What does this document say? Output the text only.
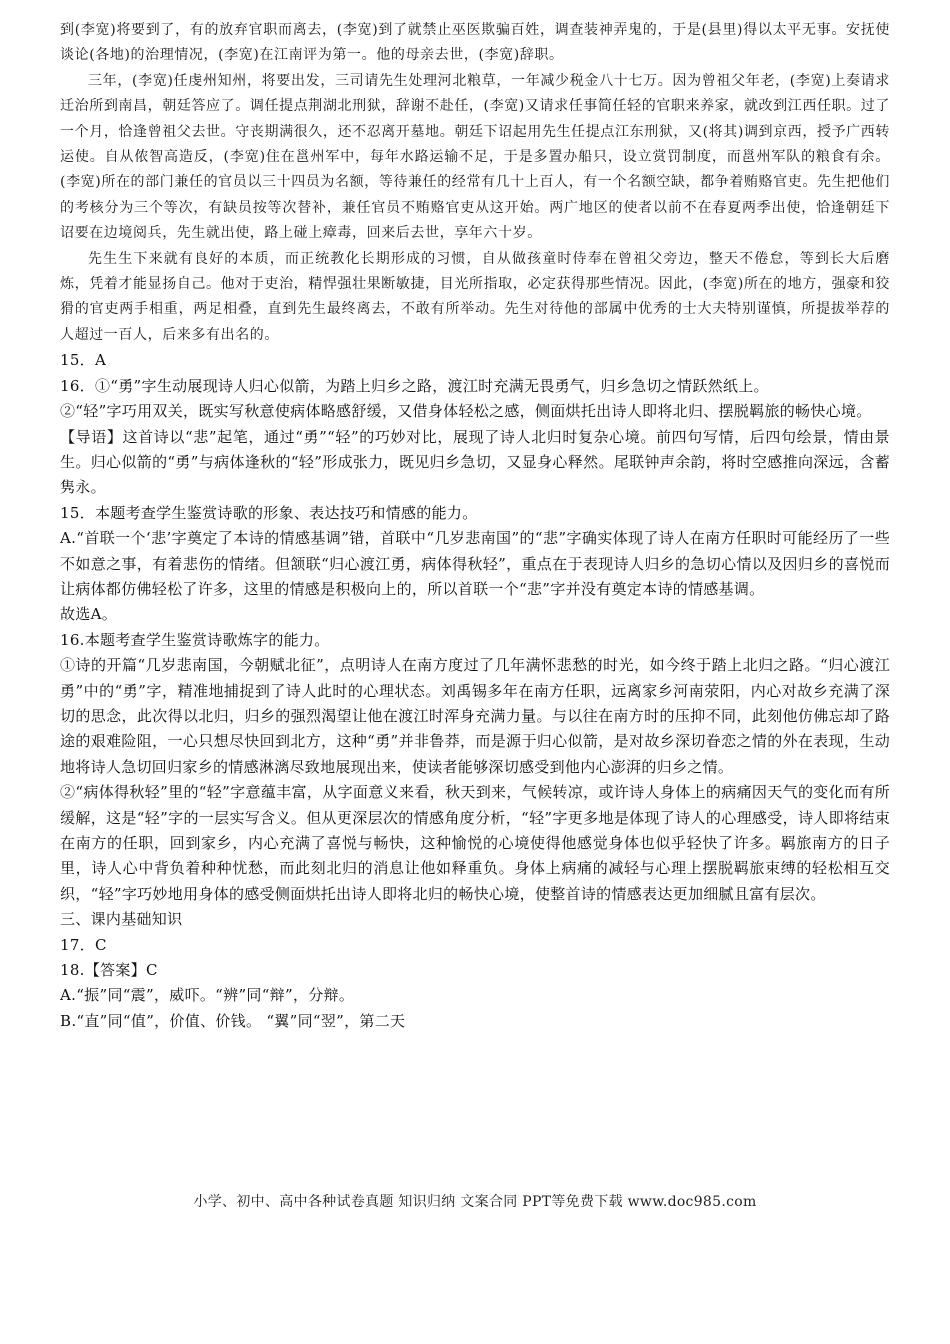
到(李宽)将要到了，有的放弃官职而离去，(李宽)到了就禁止巫医欺骗百姓，调查装神弄鬼的，于是(县里)得以太平无事。安抚使谈论(各地)的治理情况，(李宽)在江南评为第一。他的母亲去世，(李宽)辞职。

三年，(李宽)任虔州知州，将要出发，三司请先生处理河北粮草，一年减少税金八十七万。因为曾祖父年老，(李宽)上奏请求迁治所到南昌，朝廷答应了。调任提点荆湖北刑狱，辞谢不赴任，(李宽)又请求任事简任轻的官职来养家，就改到江西任职。过了一个月，恰逢曾祖父去世。守丧期满很久，还不忍离开墓地。朝廷下诏起用先生任提点江东刑狱，又(将其)调到京西，授予广西转运使。自从侬智高造反，(李宽)住在邕州军中，每年水路运输不足，于是多置办船只，设立赏罚制度，而邕州军队的粮食有余。(李宽)所在的部门兼任的官员以三十四员为名额，等待兼任的经常有几十上百人，有一个名额空缺，都争着贿赂官吏。先生把他们的考核分为三个等次，有缺员按等次替补，兼任官员不贿赂官吏从这开始。两广地区的使者以前不在春夏两季出使，恰逢朝廷下诏要在边境阅兵，先生就出使，路上碰上瘴毒，回来后去世，享年六十岁。

先生生下来就有良好的本质，而正统教化长期形成的习惯，自从做孩童时侍奉在曾祖父旁边，整天不倦怠，等到长大后磨炼，凭着才能显扬自己。他对于吏治，精悍强壮果断敏捷，目光所指取，必定获得那些情况。因此，(李宽)所在的地方，强豪和狡猾的官吏两手相重，两足相叠，直到先生最终离去，不敢有所举动。先生对待他的部属中优秀的士大夫特别谨慎，所提拔举荐的人超过一百人，后来多有出名的。

15．A

16．①“勇”字生动展现诗人归心似箭，为踏上归乡之路，渡江时充满无畏勇气，归乡急切之情跃然纸上。

②“轻”字巧用双关，既实写秋意使病体略感舒缓，又借身体轻松之感，侧面烘托出诗人即将北归、摆脱羁旅的畅快心境。

【导语】这首诗以“悲”起笔，通过“勇”“轻”的巧妙对比，展现了诗人北归时复杂心境。前四句写情，后四句绘景，情由景生。归心似箭的“勇”与病体逢秋的“轻”形成张力，既见归乡急切，又显身心释然。尾联钟声余韵，将时空感推向深远，含蓄隽永。

15．本题考查学生鉴赏诗歌的形象、表达技巧和情感的能力。

A.“首联一个‘悲’字奠定了本诗的情感基调”错，首联中“几岁悲南国”的“悲”字确实体现了诗人在南方任职时可能经历了一些不如意之事，有着悲伤的情绪。但颔联“归心渡江勇，病体得秋轻”，重点在于表现诗人归乡的急切心情以及因归乡的喜悦而让病体都仿佛轻松了许多，这里的情感是积极向上的，所以首联一个“悲”字并没有奠定本诗的情感基调。

故选A。

16.本题考查学生鉴赏诗歌炼字的能力。

①诗的开篇“几岁悲南国，今朝赋北征”，点明诗人在南方度过了几年满怀悲愁的时光，如今终于踏上北归之路。“归心渡江勇”中的“勇”字，精准地捕捉到了诗人此时的心理状态。刘禹锡多年在南方任职，远离家乡河南荥阳，内心对故乡充满了深切的思念，此次得以北归，归乡的强烈渴望让他在渡江时浑身充满力量。与以往在南方时的压抑不同，此刻他仿佛忘却了路途的艰难险阻，一心只想尽快回到北方，这种“勇”并非鲁莽，而是源于归心似箭，是对故乡深切眷恋之情的外在表现，生动地将诗人急切回归家乡的情感淋漓尽致地展现出来，使读者能够深切感受到他内心澎湃的归乡之情。

②“病体得秋轻”里的“轻”字意蕴丰富，从字面意义来看，秋天到来，气候转凉，或许诗人身体上的病痛因天气的变化而有所缓解，这是“轻”字的一层实写含义。但从更深层次的情感角度分析，“轻”字更多地是体现了诗人的心理感受，诗人即将结束在南方的任职，回到家乡，内心充满了喜悦与畅快，这种愉悦的心境使得他感觉身体也似乎轻快了许多。羁旅南方的日子里，诗人心中背负着种种忧愁，而此刻北归的消息让他如释重负。身体上病痛的减轻与心理上摆脱羁旅束缚的轻松相互交织，“轻”字巧妙地用身体的感受侧面烘托出诗人即将北归的畅快心境，使整首诗的情感表达更加细腻且富有层次。

三、课内基础知识

17．C

18.【答案】C

A.“振”同“震”，威吓。“辨”同“辩”，分辩。

B.“直”同“值”，价值、价钱。 “翼”同“翌”，第二天

小学、初中、高中各种试卷真题 知识归纳 文案合同 PPT等免费下载 www.doc985.com
